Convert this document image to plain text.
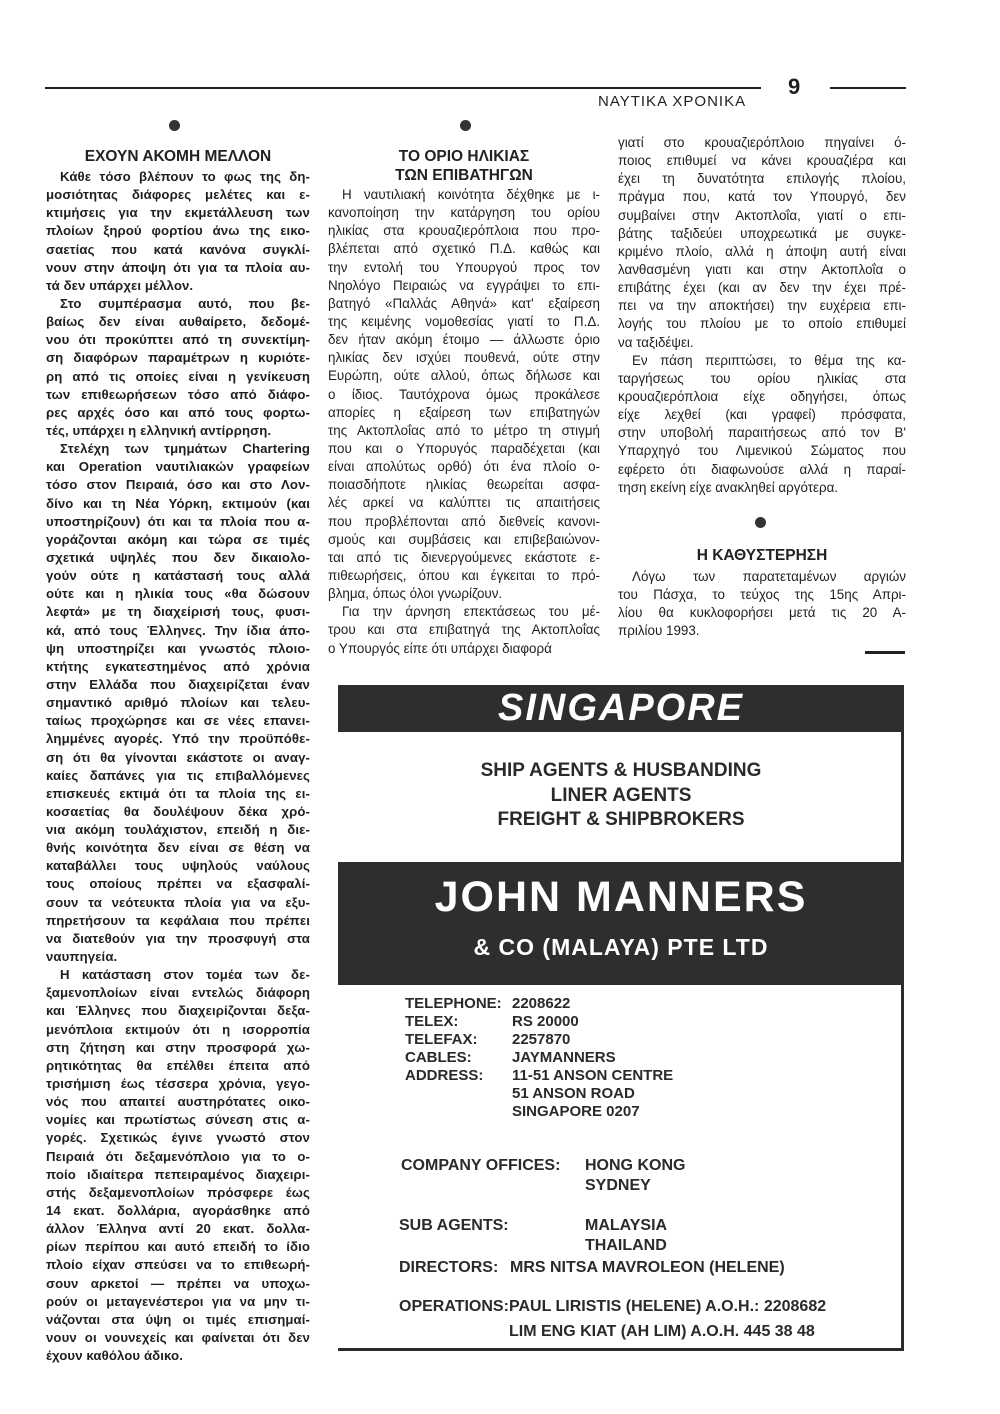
ΝΑΥΤΙΚΑ ΧΡΟΝΙΚΑ
9
ΕΧΟΥΝ ΑΚΟΜΗ ΜΕΛΛΟΝ
Κάθε τόσο βλέπουν το φως της δη-
μοσιότητας διάφορες μελέτες και ε-
κτιμήσεις για την εκμετάλλευση των
πλοίων ξηρού φορτίου άνω της εικο-
σαετίας που κατά κανόνα συγκλί-
νουν στην άποψη ότι για τα πλοία αυ-
τά δεν υπάρχει μέλλον.
Στο συμπέρασμα αυτό, που βε-
βαίως δεν είναι αυθαίρετο, δεδομέ-
νου ότι προκύπτει από τη συνεκτίμη-
ση διαφόρων παραμέτρων η κυριότε-
ρη από τις οποίες είναι η γενίκευση
των επιθεωρήσεων τόσο από διάφο-
ρες αρχές όσο και από τους φορτω-
τές, υπάρχει η ελληνική αντίρρηση.
Στελέχη των τμημάτων Chartering
και Operation ναυτιλιακών γραφείων
τόσο στον Πειραιά, όσο και στο Λον-
δίνο και τη Νέα Υόρκη, εκτιμούν (και
υποστηρίζουν) ότι και τα πλοία που α-
γοράζονται ακόμη και τώρα σε τιμές
σχετικά υψηλές που δεν δικαιολο-
γούν ούτε η κατάστασή τους αλλά
ούτε και η ηλικία τους «θα δώσουν
λεφτά» με τη διαχείρισή τους, φυσι-
κά, από τους Έλληνες. Την ίδια άπο-
ψη υποστηρίζει και γνωστός πλοιο-
κτήτης εγκατεστημένος από χρόνια
στην Ελλάδα που διαχειρίζεται έναν
σημαντικό αριθμό πλοίων και τελευ-
ταίως προχώρησε και σε νέες επανει-
λημμένες αγορές. Υπό την προϋπόθε-
ση ότι θα γίνονται εκάστοτε οι αναγ-
καίες δαπάνες για τις επιβαλλόμενες
επισκευές εκτιμά ότι τα πλοία της ει-
κοσαετίας θα δουλέψουν δέκα χρό-
νια ακόμη τουλάχιστον, επειδή η διε-
θνής κοινότητα δεν είναι σε θέση να
καταβάλλει τους υψηλούς ναύλους
τους οποίους πρέπει να εξασφαλί-
σουν τα νεότευκτα πλοία για να εξυ-
πηρετήσουν τα κεφάλαια που πρέπει
να διατεθούν για την προσφυγή στα
ναυπηγεία.
Η κατάσταση στον τομέα των δε-
ξαμενοπλοίων είναι εντελώς διάφορη
και Έλληνες που διαχειρίζονται δεξα-
μενόπλοια εκτιμούν ότι η ισορροπία
στη ζήτηση και στην προσφορά χω-
ρητικότητας θα επέλθει έπειτα από
τρισήμιση έως τέσσερα χρόνια, γεγο-
νός που απαιτεί αυστηρότατες οικο-
νομίες και πρωτίστως σύνεση στις α-
γορές. Σχετικώς έγινε γνωστό στον
Πειραιά ότι δεξαμενόπλοιο για το ο-
ποίο ιδιαίτερα πεπειραμένος διαχειρι-
στής δεξαμενοπλοίων πρόσφερε έως
14 εκατ. δολλάρια, αγοράσθηκε από
άλλον Έλληνα αντί 20 εκατ. δολλα-
ρίων περίπου και αυτό επειδή το ίδιο
πλοίο είχαν σπεύσει να το επιθεωρή-
σουν αρκετοί — πρέπει να υποχω-
ρούν οι μεταγενέστεροι για να μην τι-
νάζονται στα ύψη οι τιμές επισημαί-
νουν οι νουνεχείς και φαίνεται ότι δεν
έχουν καθόλου άδικο.
ΤΟ ΟΡΙΟ ΗΛΙΚΙΑΣ
ΤΩΝ ΕΠΙΒΑΤΗΓΩΝ
Η ναυτιλιακή κοινότητα δέχθηκε με ι-
κανοποίηση την κατάργηση του ορίου
ηλικίας στα κρουαζιερόπλοια που προ-
βλέπεται από σχετικό Π.Δ. καθώς και
την εντολή του Υπουργού προς τον
Νηολόγο Πειραιώς να εγγράψει το επι-
βατηγό «Παλλάς Αθηνά» κατ' εξαίρεση
της κειμένης νομοθεσίας γιατί το Π.Δ.
δεν ήταν ακόμη έτοιμο — άλλωστε όριο
ηλικίας δεν ισχύει πουθενά, ούτε στην
Ευρώπη, ούτε αλλού, όπως δήλωσε και
ο ίδιος. Ταυτόχρονα όμως προκάλεσε
απορίες η εξαίρεση των επιβατηγών
της Ακτοπλοΐας από το μέτρο τη στιγμή
που και ο Υπορυγός παραδέχεται (και
είναι απολύτως ορθό) ότι ένα πλοίο ο-
ποιασδήποτε ηλικίας θεωρείται ασφα-
λές αρκεί να καλύπτει τις απαιτήσεις
που προβλέπονται από διεθνείς κανονι-
σμούς και συμβάσεις και επιβεβαιώνον-
ται από τις διενεργούμενες εκάστοτε ε-
πιθεωρήσεις, όπου και έγκειται το πρό-
βλημα, όπως όλοι γνωρίζουν.
Για την άρνηση επεκτάσεως του μέ-
τρου και στα επιβατηγά της Ακτοπλοΐας
ο Υπουργός είπε ότι υπάρχει διαφορά
γιατί στο κρουαζιερόπλοιο πηγαίνει ό-
ποιος επιθυμεί να κάνει κρουαζιέρα και
έχει τη δυνατότητα επιλογής πλοίου,
πράγμα που, κατά τον Υπουργό, δεν
συμβαίνει στην Ακτοπλοΐα, γιατί ο επι-
βάτης ταξιδεύει υποχρεωτικά με συγκε-
κριμένο πλοίο, αλλά η άποψη αυτή είναι
λανθασμένη γιατι και στην Ακτοπλοΐα ο
επιβάτης έχει (και αν δεν την έχει πρέ-
πει να την αποκτήσει) την ευχέρεια επι-
λογής του πλοίου με το οποίο επιθυμεί
να ταξιδέψει.
Εν πάση περιπτώσει, το θέμα της κα-
ταργήσεως του ορίου ηλικίας στα
κρουαζιερόπλοια είχε οδηγήσει, όπως
είχε λεχθεί (και γραφεί) πρόσφατα,
στην υποβολή παραιτήσεως από τον Β'
Υπαρχηγό του Λιμενικού Σώματος που
εφέρετο ότι διαφωνούσε αλλά η παραί-
τηση εκείνη είχε ανακληθεί αργότερα.
Η ΚΑΘΥΣΤΕΡΗΣΗ
Λόγω των παρατεταμένων αργιών
του Πάσχα, το τεύχος της 15ης Απρι-
λίου θα κυκλοφορήσει μετά τις 20 Α-
πριλίου 1993.
SINGAPORE
SHIP AGENTS & HUSBANDING
LINER AGENTS
FREIGHT & SHIPBROKERS
JOHN MANNERS
& CO (MALAYA) PTE LTD
TELEPHONE: 2208622
TELEX:	RS 20000
TELEFAX: 2257870
CABLES:	JAYMANNERS
ADDRESS: 11-51 ANSON CENTRE
51 ANSON ROAD
SINGAPORE 0207
COMPANY OFFICES: HONG KONG
SYDNEY
SUB AGENTS:	MALAYSIA
THAILAND
DIRECTORS: MRS NITSA MAVROLEON (HELENE)
OPERATIONS: PAUL LIRISTIS (HELENE) A.O.H.: 2208682
LIM ENG KIAT (AH LIM) A.O.H. 445 38 48
